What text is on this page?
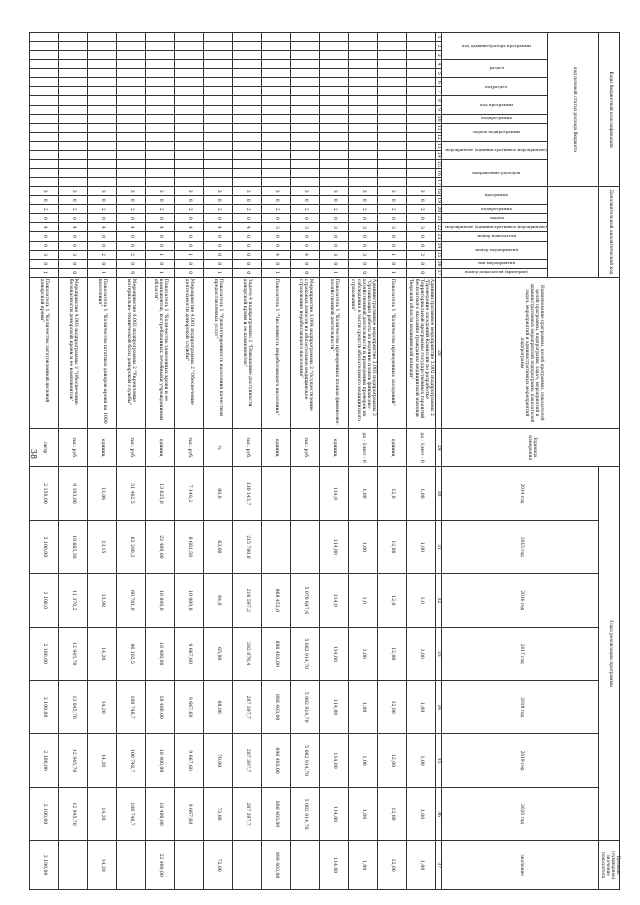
38
Коды бюджетной классификации																	Дополнительный аналитический код										Наименование программы, целей программы, показателей целей программы, подпрограмм, задач, мероприятий и административных мероприятий подпрограмм, показателей задач, мероприятий и административных мероприятий подпрограмм	Единица измерения	Годы реализации программы							Целевое (суммарное) значение показателя
код целевой статьи расхода бюджета																													2014 год	2015 год	2016 год	2017 год	2018 год	2019 год	2020 год	значение
код администратора программы			раздел		подраздел		код программы		подпрограмма	задача подпрограммы		мероприятие (административное мероприятие)		направление расходов			программа		подпрограмма	задача	мероприятие (административное мероприятие)	номер показателя	номер мероприятия		тип мероприятия	номер показателя (критерия)										
1	2	3	4	5	6	7	8	9	10	11	12	13	14	15	16	17	18	19	20	21	22	23	24	25	26	27	28	29	30	31	32	33	34	35	36	37
																	3	0	2	0	3	0	0	2	0	0	Административное мероприятие 3.002 подпрограммы 2 "Проведение заседаний Комиссии по разработке Территориальной программы государственных гарантий бесплатного оказания гражданам медицинской помощи Тверской области медицинской помощи"	да - 1/нет - 0	1,00	1,00	1,0	1,00	1,00	1,00	1,00	1,00
																	3	0	2	0	3	0	0	1	0	1	Показатель 1 "Количество проведенных заседаний"	единиц	12,0	12,00	12,0	12,00	12,00	12,00	12,00	12,00
																	3	0	2	0	3	0	0	3	0	0	Административное мероприятие 3.003 подпрограммы 2 "Организация работы по ведению планов финансово-хозяйственной деятельности и проведению проверок их соблюдения в части средств обязательного медицинского страхования"	да - 1/нет - 0	1,00	1,00	1,0	1,00	1,00	1,00	1,00	1,00
																	3	0	2	0	3	0	0	3	0	1	Показатель 1 "Количество проверенных планов финансово-хозяйственной деятельности"	единиц	114,0	114,00	114,0	114,00	114,00	114,00	114,00	114,00
																	3	0	2	0	3	0	0	4	0	0	Мероприятие 3.004 подпрограммы 2 "Осуществление страховых взносов на обязательное медицинское страхование неработающего населения"	тыс. руб.			5 070 647,6	5 082 914,70	5 082 914,70	5 082 914,70	5 082 914,70	
																	3	0	2	0	3	0	0	4	0	1	Показатель 1 "Численность неработающего населения"	единиц			868 452,0	898 403,00	898 403,00	898 403,00	898 403,00	898 403,00
																	3	0	2	0	4	0	0	0	0	0	Задача 4 подпрограммы 2 "Повышение доступности донорской крови и ее компонентов"	тыс. руб.	130 143,7	215 780,0	216 597,2	282 876,4	287 397,7	287 397,7	287 397,7	
																	3	0	2	0	4	0	0	0	0	1	Показатель 1 "Удовлетворенность населения качеством предоставляемых услуг"	%	60,0	63,00	64,0	65,00	68,00	70,00	72,00	72,00
																	3	0	2	0	4	0	0	1	0	0	Мероприятие 4.001 подпрограммы 2 "Обеспечение деятельности донорской службы"	тыс. руб.	7 149,2	8 681,50	10 089,8	9 667,60	9 667,60	9 667,60	9 667,60	
																	3	0	2	0	4	0	0	1	0	1	Показатель 1 "Количество заявленных крови и ее компонентов, востребованных лечебными учреждениями области"	единиц	13 625,0	22 400,00	18 840,0	18 400,00	18 400,00	18 400,00	18 400,00	22 400,00
																	3	0	2	0	4	0	0	2	0	0	Мероприятие 4.002 подпрограммы 2 "Укрепление материально-технической базы донорской службы"	тыс. руб.	51 462,5	62 290,3	60 781,0	96 102,5	100 748,7	100 748,7	100 748,7	
																	3	0	2	0	4	0	0	2	0	1	Показатель 1 "Количество штатных доноров крови на 1000 населения"	единиц	13,06	13,15	13,98	14,20	14,20	14,20	14,20	14,20
																	3	0	2	0	4	0	0	3	0	0	Мероприятие 4.003 подпрограммы 2 "Обеспечение безопасности донорской крови и ее компонентов"	тыс. руб.	9 103,00	10 665,30	11 370,2	12 945,70	12 945,70	12 945,70	12 945,70	
																	3	0	2	0	4	0	0	3	0	1	Показатель 1 "Количество заготовленной цельной донорской крови"	литр	2 150,00	2 100,00	2 100,0	2 100,00	2 100,00	2 100,00	2 100,00	2 100,00
